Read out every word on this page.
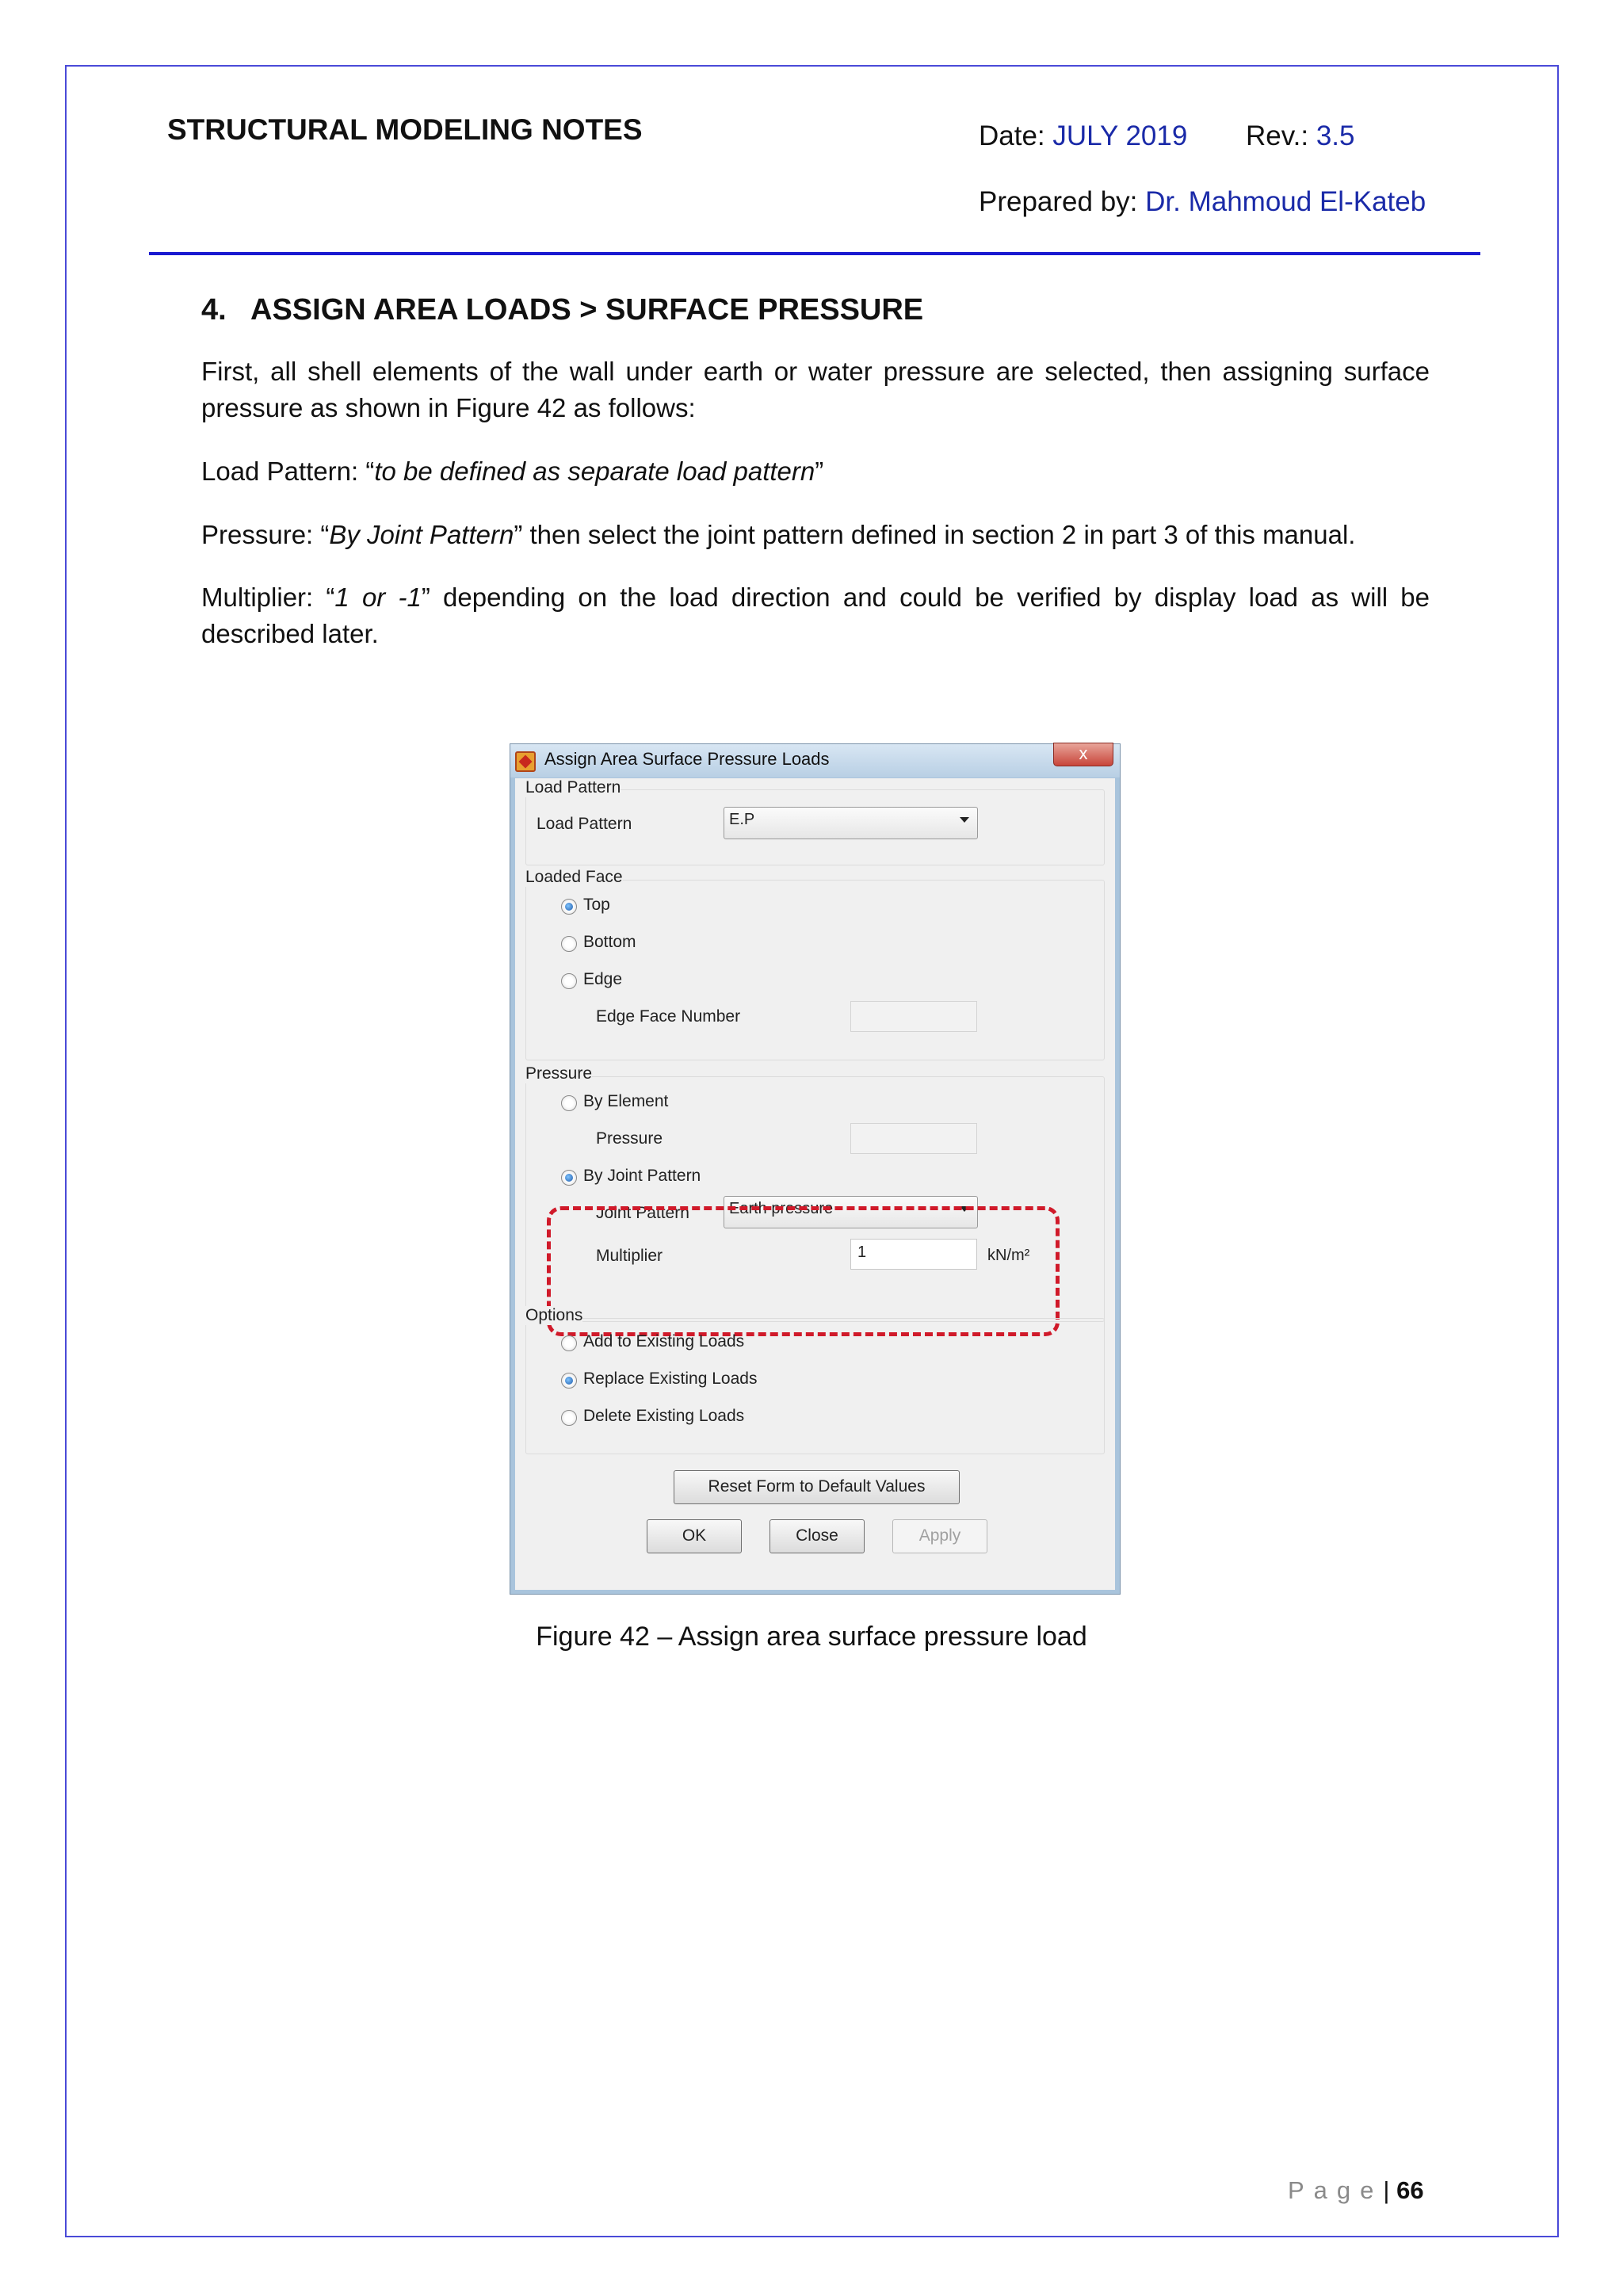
STRUCTURAL MODELING NOTES	Date: JULY 2019 Rev.: 3.5
Prepared by: Dr. Mahmoud El-Kateb
4. ASSIGN AREA LOADS > SURFACE PRESSURE
First, all shell elements of the wall under earth or water pressure are selected, then assigning surface pressure as shown in Figure 42 as follows:
Load Pattern: “to be defined as separate load pattern”
Pressure: “By Joint Pattern” then select the joint pattern defined in section 2 in part 3 of this manual.
Multiplier: “1 or -1” depending on the load direction and could be verified by display load as will be described later.
Assign Area Surface Pressure Loads	x
Load Pattern
Load Pattern	E.P
Loaded Face
Top
Bottom
Edge
Edge Face Number
Pressure
By Element
Pressure
By Joint Pattern
Joint Pattern	Earth pressure
Multiplier	1	kN/m²
Options
Add to Existing Loads
Replace Existing Loads
Delete Existing Loads
Reset Form to Default Values
OK	Close	Apply
Figure 42 – Assign area surface pressure load
Page| 66
